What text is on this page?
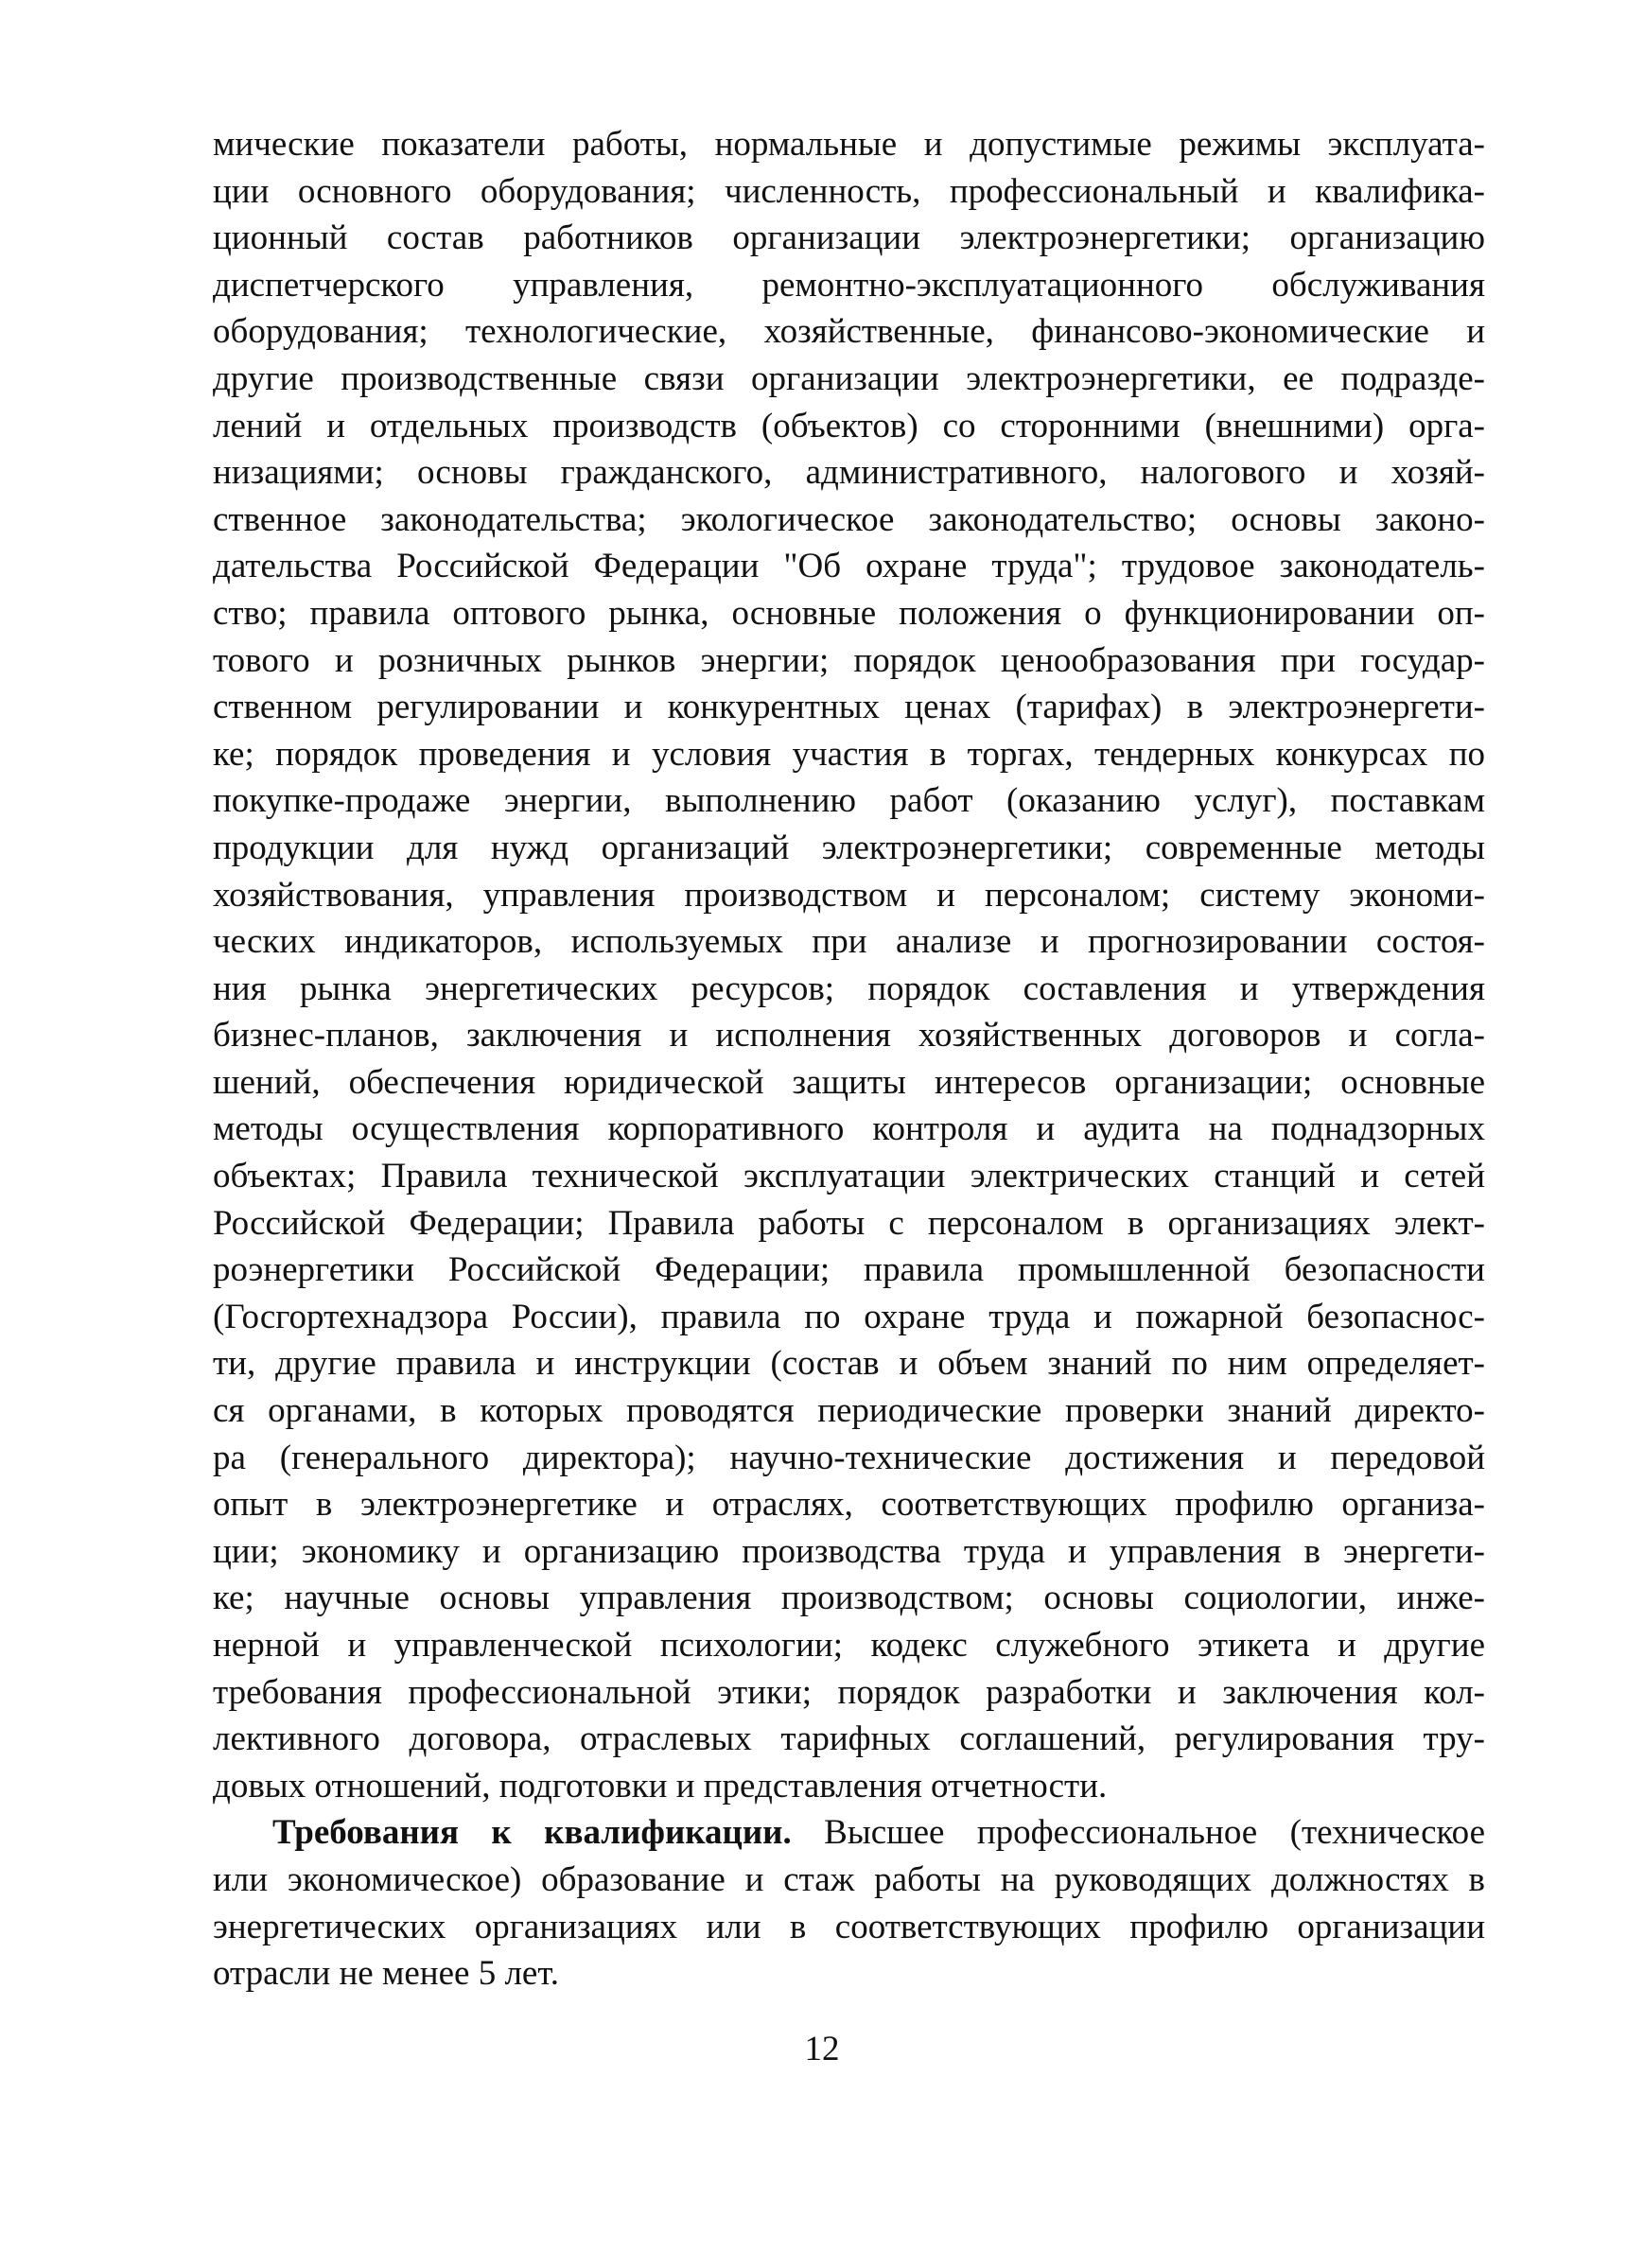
мические показатели работы, нормальные и допустимые режимы эксплуата-
ции основного оборудования; численность, профессиональный и квалифика-
ционный состав работников организации электроэнергетики; организацию
диспетчерского управления, ремонтно-эксплуатационного обслуживания
оборудования; технологические, хозяйственные, финансово-экономические и
другие производственные связи организации электроэнергетики, ее подразде-
лений и отдельных производств (объектов) со сторонними (внешними) орга-
низациями; основы гражданского, административного, налогового и хозяй-
ственное законодательства; экологическое законодательство; основы законо-
дательства Российской Федерации "Об охране труда"; трудовое законодатель-
ство; правила оптового рынка, основные положения о функционировании оп-
тового и розничных рынков энергии; порядок ценообразования при государ-
ственном регулировании и конкурентных ценах (тарифах) в электроэнергети-
ке; порядок проведения и условия участия в торгах, тендерных конкурсах по
покупке-продаже энергии, выполнению работ (оказанию услуг), поставкам
продукции для нужд организаций электроэнергетики; современные методы
хозяйствования, управления производством и персоналом; систему экономи-
ческих индикаторов, используемых при анализе и прогнозировании состоя-
ния рынка энергетических ресурсов; порядок составления и утверждения
бизнес-планов, заключения и исполнения хозяйственных договоров и согла-
шений, обеспечения юридической защиты интересов организации; основные
методы осуществления корпоративного контроля и аудита на поднадзорных
объектах; Правила технической эксплуатации электрических станций и сетей
Российской Федерации; Правила работы с персоналом в организациях элект-
роэнергетики Российской Федерации; правила промышленной безопасности
(Госгортехнадзора России), правила по охране труда и пожарной безопаснос-
ти, другие правила и инструкции (состав и объем знаний по ним определяет-
ся органами, в которых проводятся периодические проверки знаний директо-
ра (генерального директора); научно-технические достижения и передовой
опыт в электроэнергетике и отраслях, соответствующих профилю организа-
ции; экономику и организацию производства труда и управления в энергети-
ке; научные основы управления производством; основы социологии, инже-
нерной и управленческой психологии; кодекс служебного этикета и другие
требования профессиональной этики; порядок разработки и заключения кол-
лективного договора, отраслевых тарифных соглашений, регулирования тру-
довых отношений, подготовки и представления отчетности.
Требования к квалификации. Высшее профессиональное (техническое
или экономическое) образование и стаж работы на руководящих должностях в
энергетических организациях или в соответствующих профилю организации
отрасли не менее 5 лет.
12
